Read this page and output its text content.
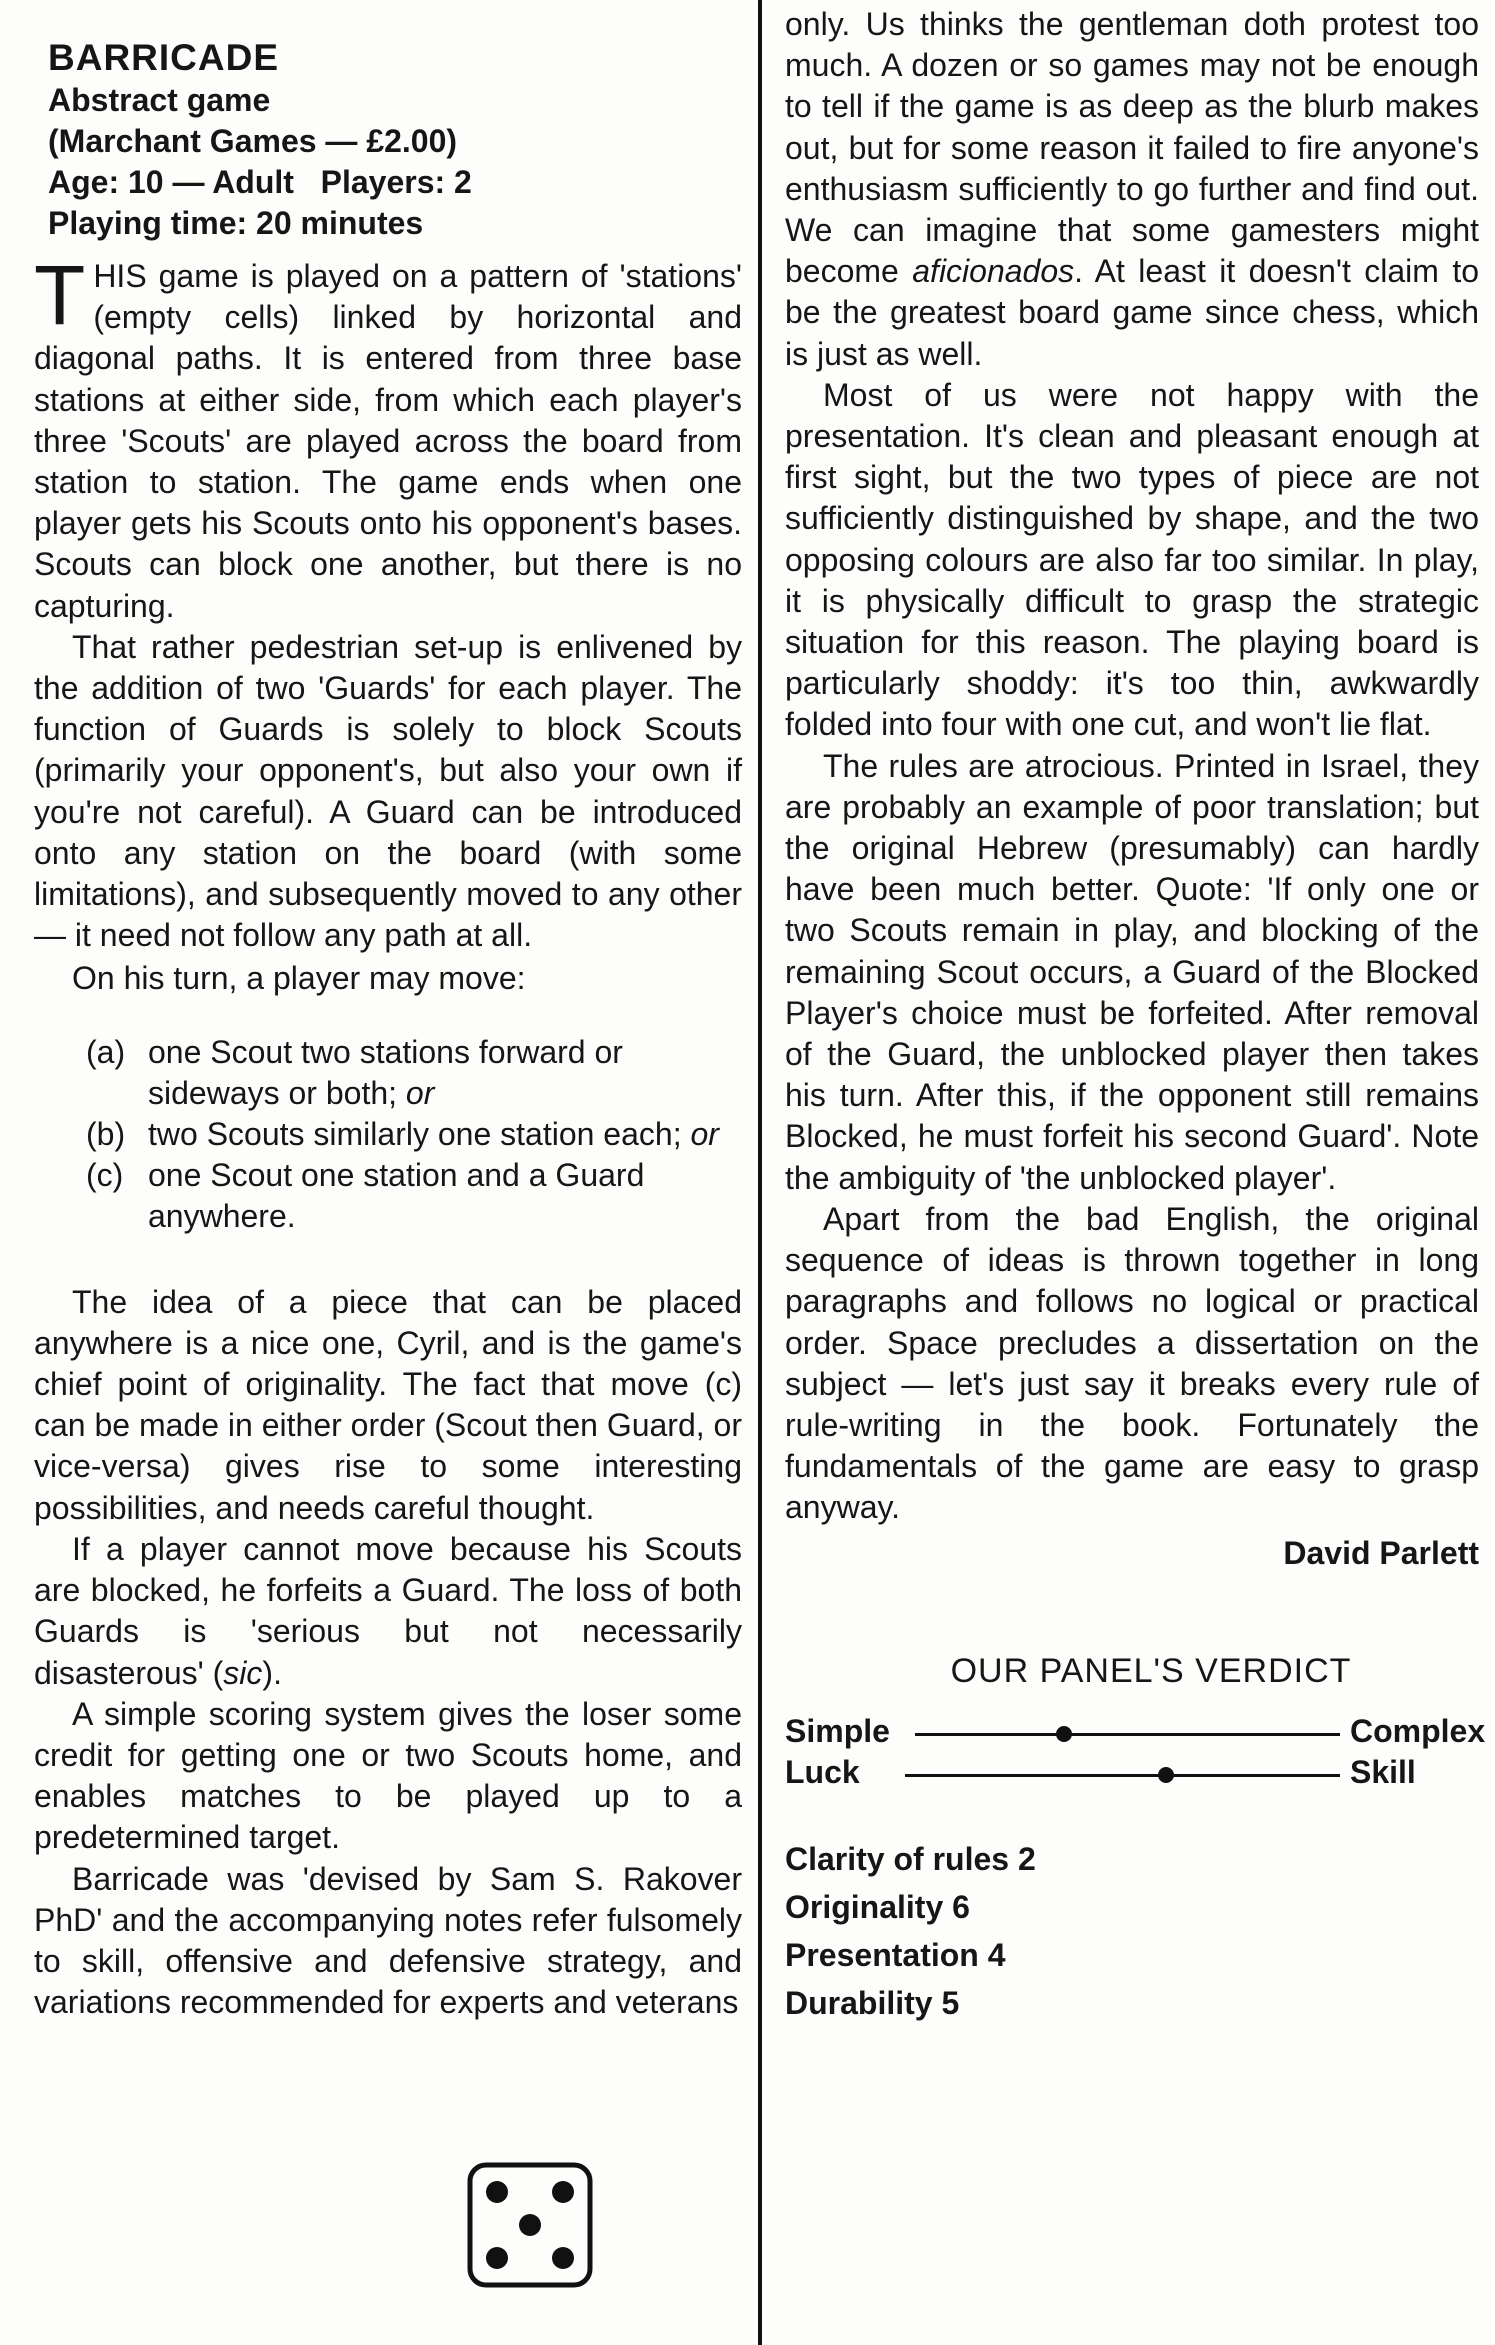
BARRICADE
Abstract game
(Marchant Games — £2.00)
Age: 10 — Adult   Players: 2
Playing time: 20 minutes

THIS game is played on a pattern of 'stations' (empty cells) linked by horizontal and diagonal paths. It is entered from three base stations at either side, from which each player's three 'Scouts' are played across the board from station to station. The game ends when one player gets his Scouts onto his opponent's bases. Scouts can block one another, but there is no capturing.

That rather pedestrian set-up is enlivened by the addition of two 'Guards' for each player. The function of Guards is solely to block Scouts (primarily your opponent's, but also your own if you're not careful). A Guard can be introduced onto any station on the board (with some limitations), and subsequently moved to any other — it need not follow any path at all.

On his turn, a player may move:

(a) one Scout two stations forward or sideways or both; or
(b) two Scouts similarly one station each; or
(c) one Scout one station and a Guard anywhere.

The idea of a piece that can be placed anywhere is a nice one, Cyril, and is the game's chief point of originality. The fact that move (c) can be made in either order (Scout then Guard, or vice-versa) gives rise to some interesting possibilities, and needs careful thought.

If a player cannot move because his Scouts are blocked, he forfeits a Guard. The loss of both Guards is 'serious but not necessarily disasterous' (sic).

A simple scoring system gives the loser some credit for getting one or two Scouts home, and enables matches to be played up to a predetermined target.

Barricade was 'devised by Sam S. Rakover PhD' and the accompanying notes refer fulsomely to skill, offensive and defensive strategy, and variations recommended for experts and veterans

only. Us thinks the gentleman doth protest too much. A dozen or so games may not be enough to tell if the game is as deep as the blurb makes out, but for some reason it failed to fire anyone's enthusiasm sufficiently to go further and find out. We can imagine that some gamesters might become aficionados. At least it doesn't claim to be the greatest board game since chess, which is just as well.

Most of us were not happy with the presentation. It's clean and pleasant enough at first sight, but the two types of piece are not sufficiently distinguished by shape, and the two opposing colours are also far too similar. In play, it is physically difficult to grasp the strategic situation for this reason. The playing board is particularly shoddy: it's too thin, awkwardly folded into four with one cut, and won't lie flat.

The rules are atrocious. Printed in Israel, they are probably an example of poor translation; but the original Hebrew (presumably) can hardly have been much better. Quote: 'If only one or two Scouts remain in play, and blocking of the remaining Scout occurs, a Guard of the Blocked Player's choice must be forfeited. After removal of the Guard, the unblocked player then takes his turn. After this, if the opponent still remains Blocked, he must forfeit his second Guard'. Note the ambiguity of 'the unblocked player'.

Apart from the bad English, the original sequence of ideas is thrown together in long paragraphs and follows no logical or practical order. Space precludes a dissertation on the subject — let's just say it breaks every rule of rule-writing in the book. Fortunately the fundamentals of the game are easy to grasp anyway.

David Parlett
OUR PANEL'S VERDICT
Simple	Complex
Luck	Skill
Clarity of rules 2
Originality 6
Presentation 4
Durability 5
